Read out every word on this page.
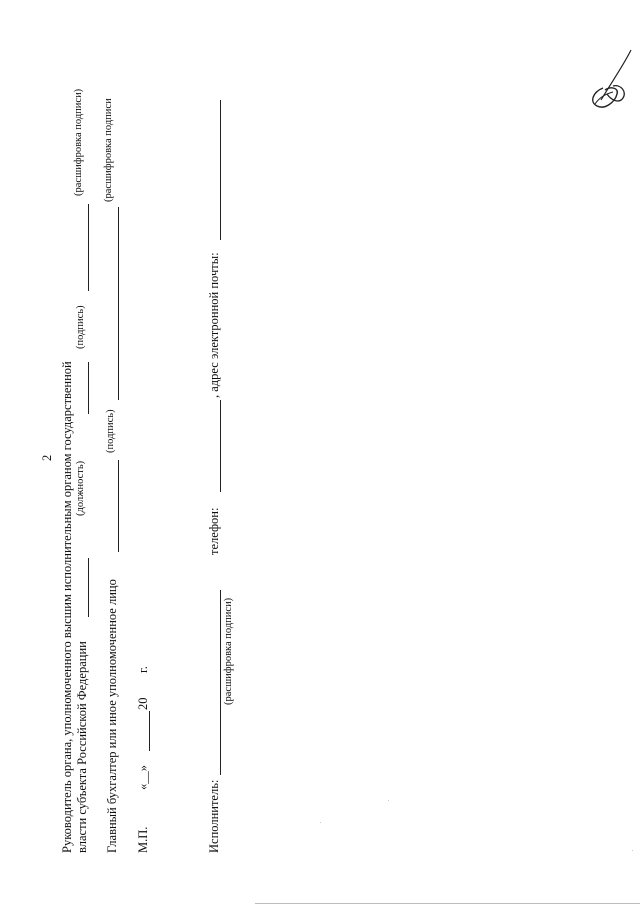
2 Руководитель органа, уполномоченного высшим исполнительным органом государственной власти субъекта Российской Федерации
(должность)
(подпись)
(расшифровка подписи)
Главный бухгалтер или иное уполномоченное лицо
(подпись)
(расшифровка подписи
М.П.
«__»
20
г.
Исполнитель:
(расшифровка подписи)
телефон:
, адрес электронной почты:
